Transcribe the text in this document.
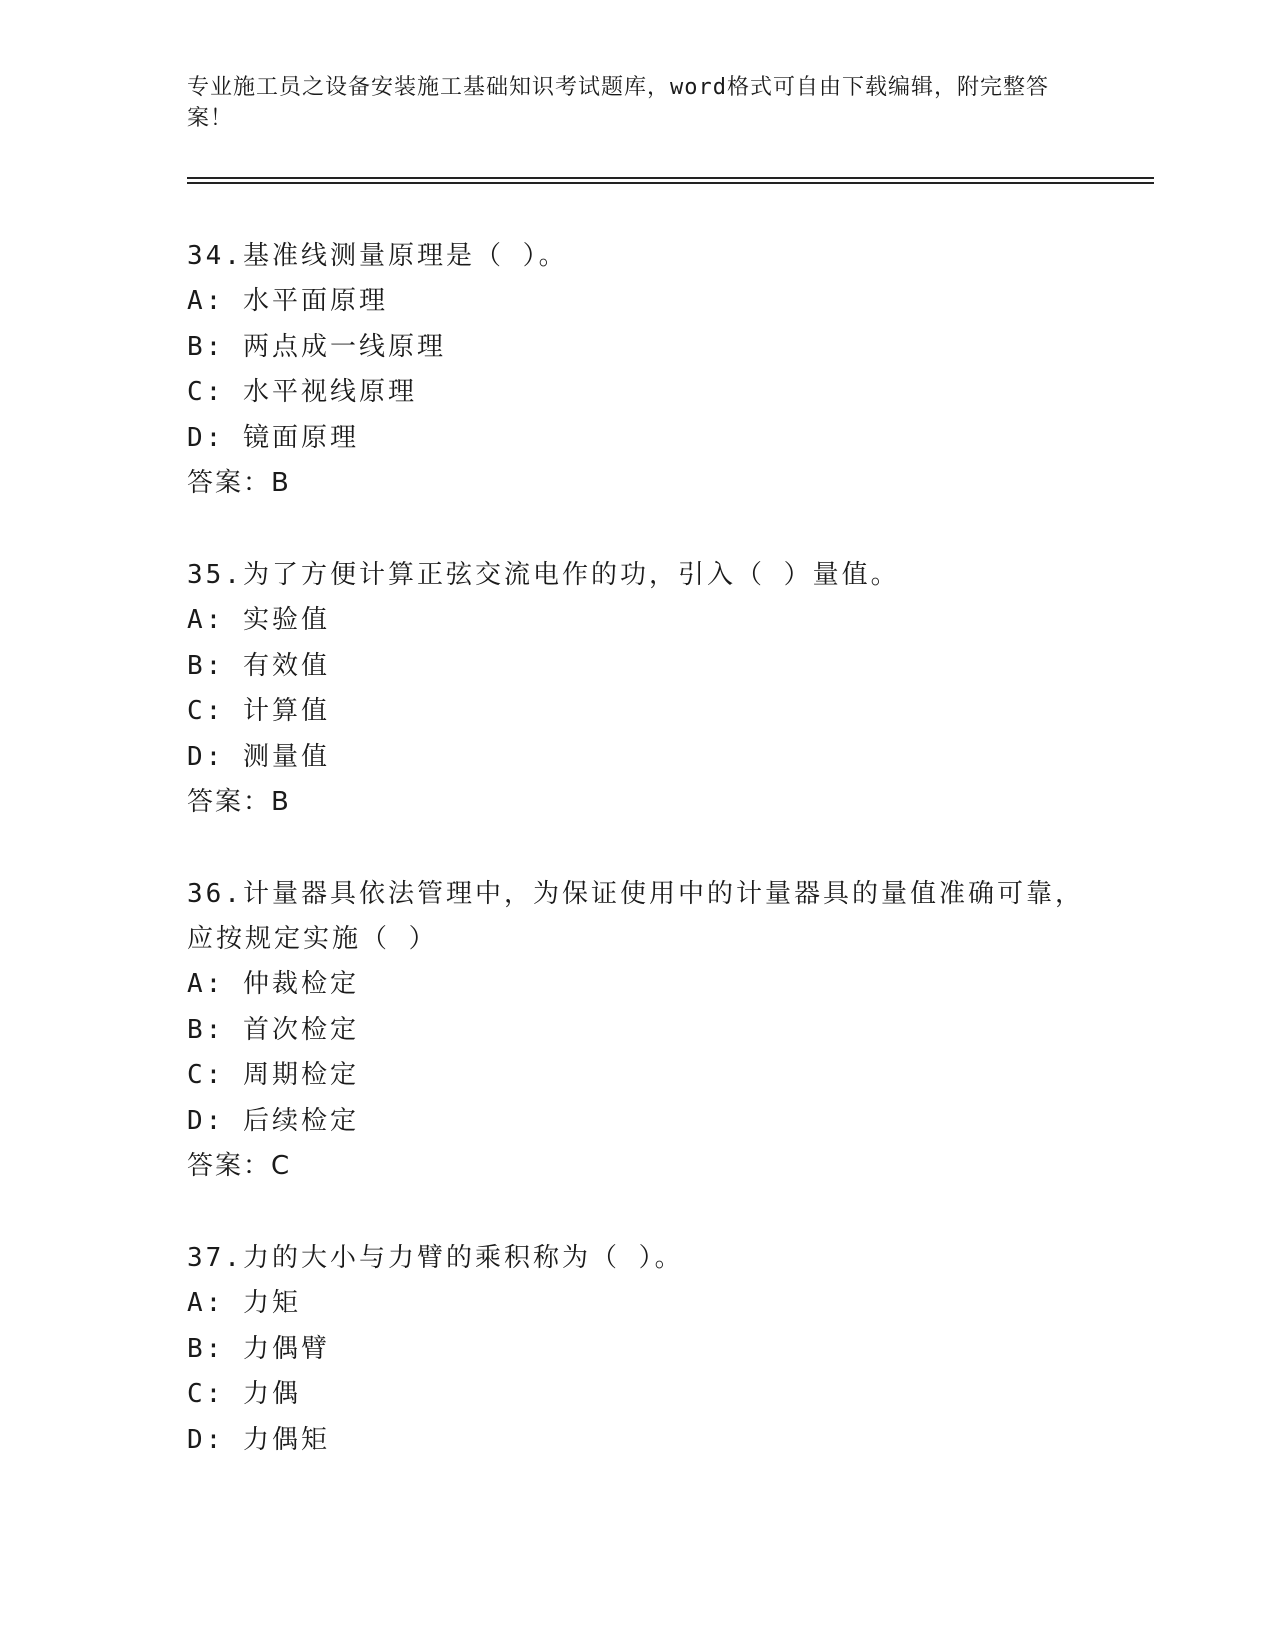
专业施工员之设备安装施工基础知识考试题库，word格式可自由下载编辑，附完整答案！

34.基准线测量原理是（ ）。

A: 水平面原理

B: 两点成一线原理

C: 水平视线原理

D: 镜面原理

答案：B

35.为了方便计算正弦交流电作的功，引入（ ）量值。

A: 实验值

B: 有效值

C: 计算值

D: 测量值

答案：B

36.计量器具依法管理中，为保证使用中的计量器具的量值准确可靠，应按规定实施（ ）

A: 仲裁检定

B: 首次检定

C: 周期检定

D: 后续检定

答案：C

37.力的大小与力臂的乘积称为（ ）。

A: 力矩

B: 力偶臂

C: 力偶

D: 力偶矩
